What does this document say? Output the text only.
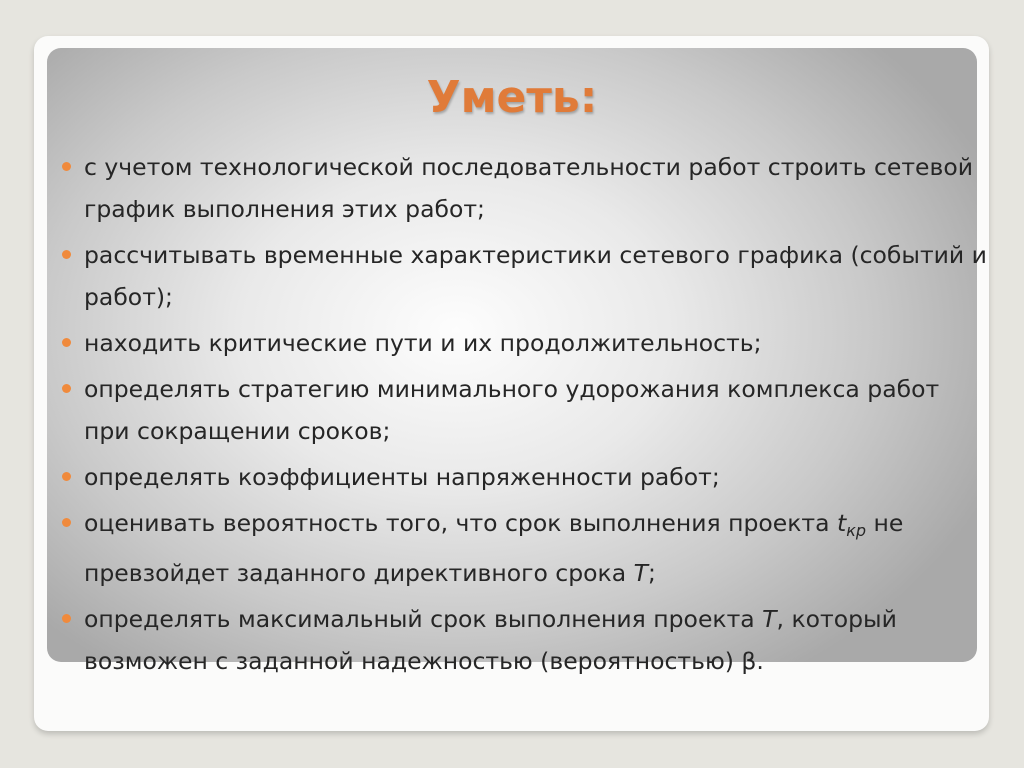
Уметь:
с учетом технологической последовательности работ строить сетевой график выполнения этих работ;
рассчитывать временные характеристики сетевого графика (событий и работ);
находить критические пути и их продолжительность;
определять стратегию минимального удорожания комплекса работ при сокращении сроков;
определять коэффициенты напряженности работ;
оценивать вероятность того, что срок выполнения проекта $t_{кр}$ не превзойдет заданного директивного срока T;
определять максимальный срок выполнения проекта T, который возможен с заданной надежностью (вероятностью) β.
